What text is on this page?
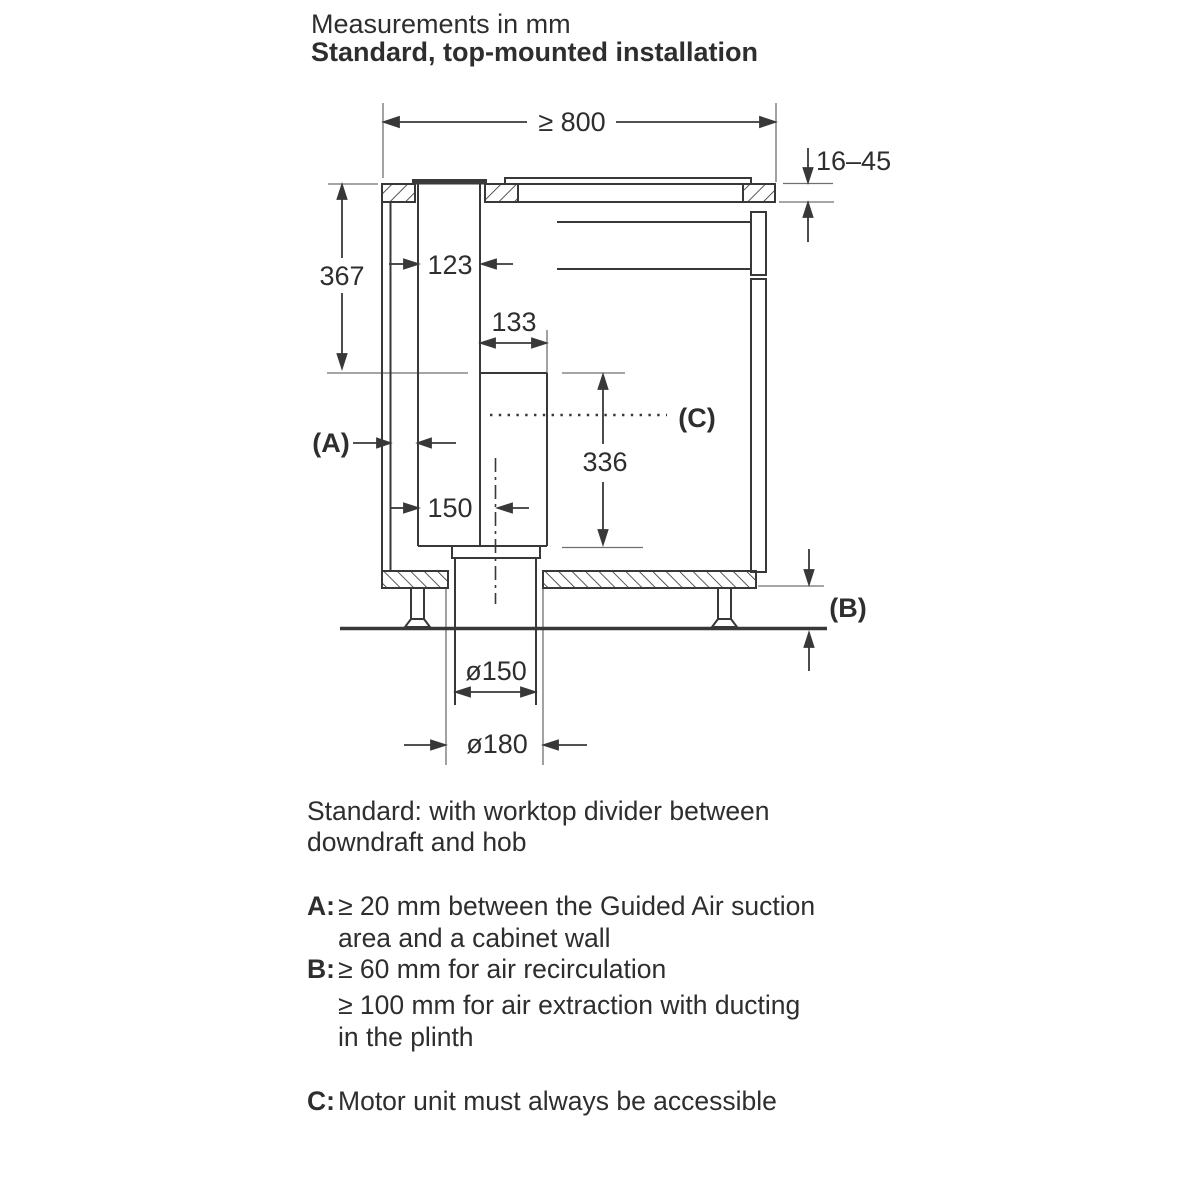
Measurements in mm
Standard, top-mounted installation
≥ 800
16–45
367 123
133
150
336
ø150
ø180
(A)
(B)
(C)
Standard: with worktop divider between
downdraft and hob
A: ≥ 20 mm between the Guided Air suction
area and a cabinet wall
B: ≥ 60 mm for air recirculation
≥ 100 mm for air extraction with ducting
in the plinth
C: Motor unit must always be accessible
